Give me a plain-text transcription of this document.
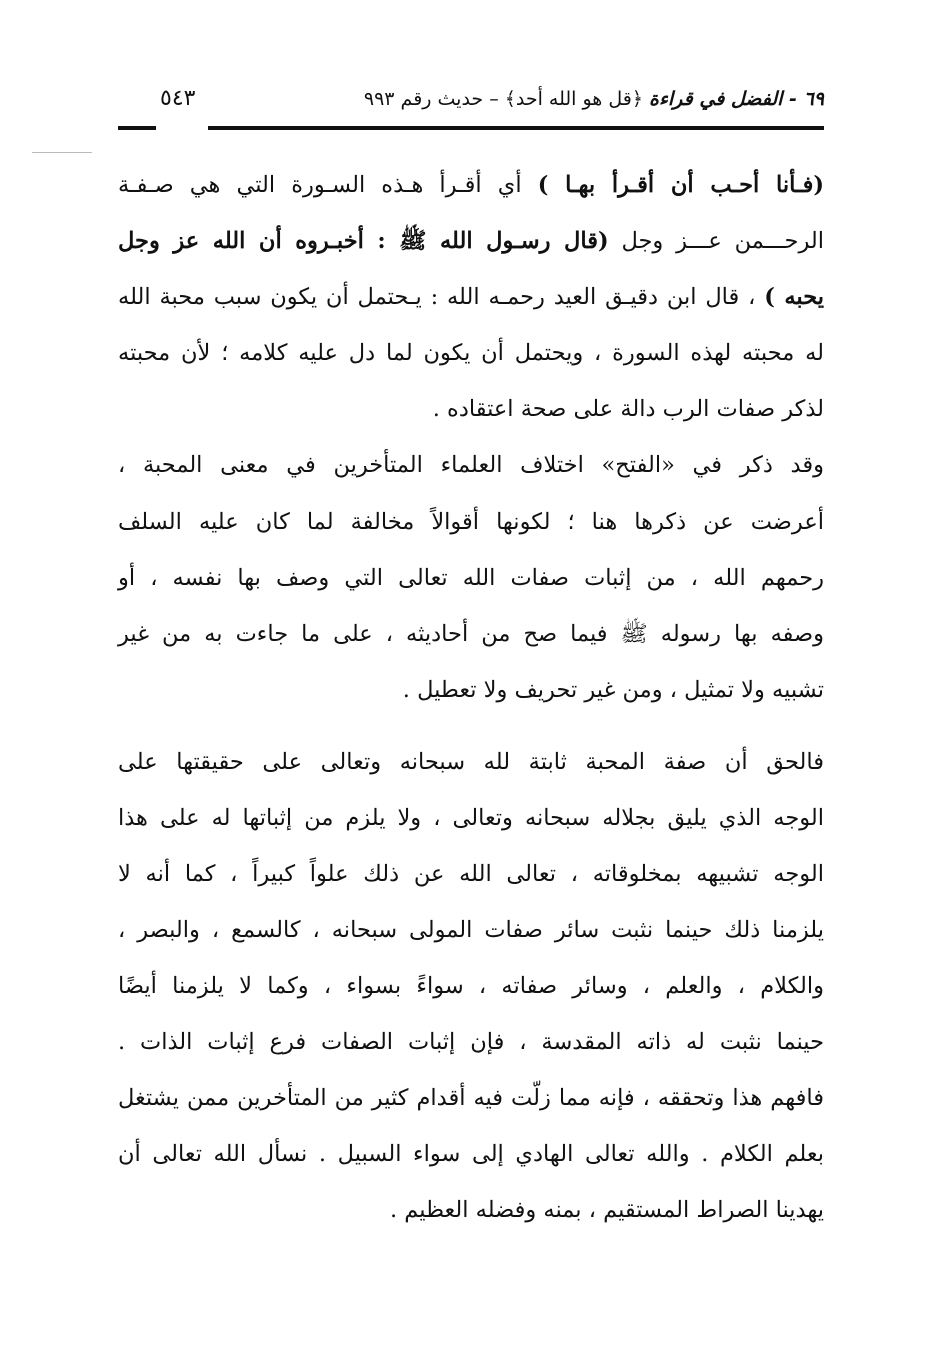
٦٩ - الفضل في قراءة ﴿قل هو الله أحد﴾ – حديث رقم ٩٩٣
٥٤٣
(فـأنا أحـب أن أقـرأ بهـا ) أي أقـرأ هـذه السـورة التي هي صـفـة
الرحـــمن عـــز وجل (قال رسـول الله ﷺ : أخبـروه أن الله عز وجل
يحبه ) ، قال ابن دقيـق العيد رحمـه الله : يـحتمل أن يكون سبب محبة الله
له محبته لهذه السورة ، ويحتمل أن يكون لما دل عليه كلامه ؛ لأن محبته
لذكر صفات الرب دالة على صحة اعتقاده .
وقد ذكر في «الفتح» اختلاف العلماء المتأخرين في معنى المحبة ،
أعرضت عن ذكرها هنا ؛ لكونها أقوالاً مخالفة لما كان عليه السلف
رحمهم الله ، من إثبات صفات الله تعالى التي وصف بها نفسه ، أو
وصفه بها رسوله ﷺ فيما صح من أحاديثه ، على ما جاءت به من غير
تشبيه ولا تمثيل ، ومن غير تحريف ولا تعطيل .
فالحق أن صفة المحبة ثابتة لله سبحانه وتعالى على حقيقتها على
الوجه الذي يليق بجلاله سبحانه وتعالى ، ولا يلزم من إثباتها له على هذا
الوجه تشبيهه بمخلوقاته ، تعالى الله عن ذلك علواً كبيراً ، كما أنه لا
يلزمنا ذلك حينما نثبت سائر صفات المولى سبحانه ، كالسمع ، والبصر ،
والكلام ، والعلم ، وسائر صفاته ، سواءً بسواء ، وكما لا يلزمنا أيضًا
حينما نثبت له ذاته المقدسة ، فإن إثبات الصفات فرع إثبات الذات .
فافهم هذا وتحققه ، فإنه مما زلّت فيه أقدام كثير من المتأخرين ممن يشتغل
بعلم الكلام . والله تعالى الهادي إلى سواء السبيل . نسأل الله تعالى أن
يهدينا الصراط المستقيم ، بمنه وفضله العظيم .
